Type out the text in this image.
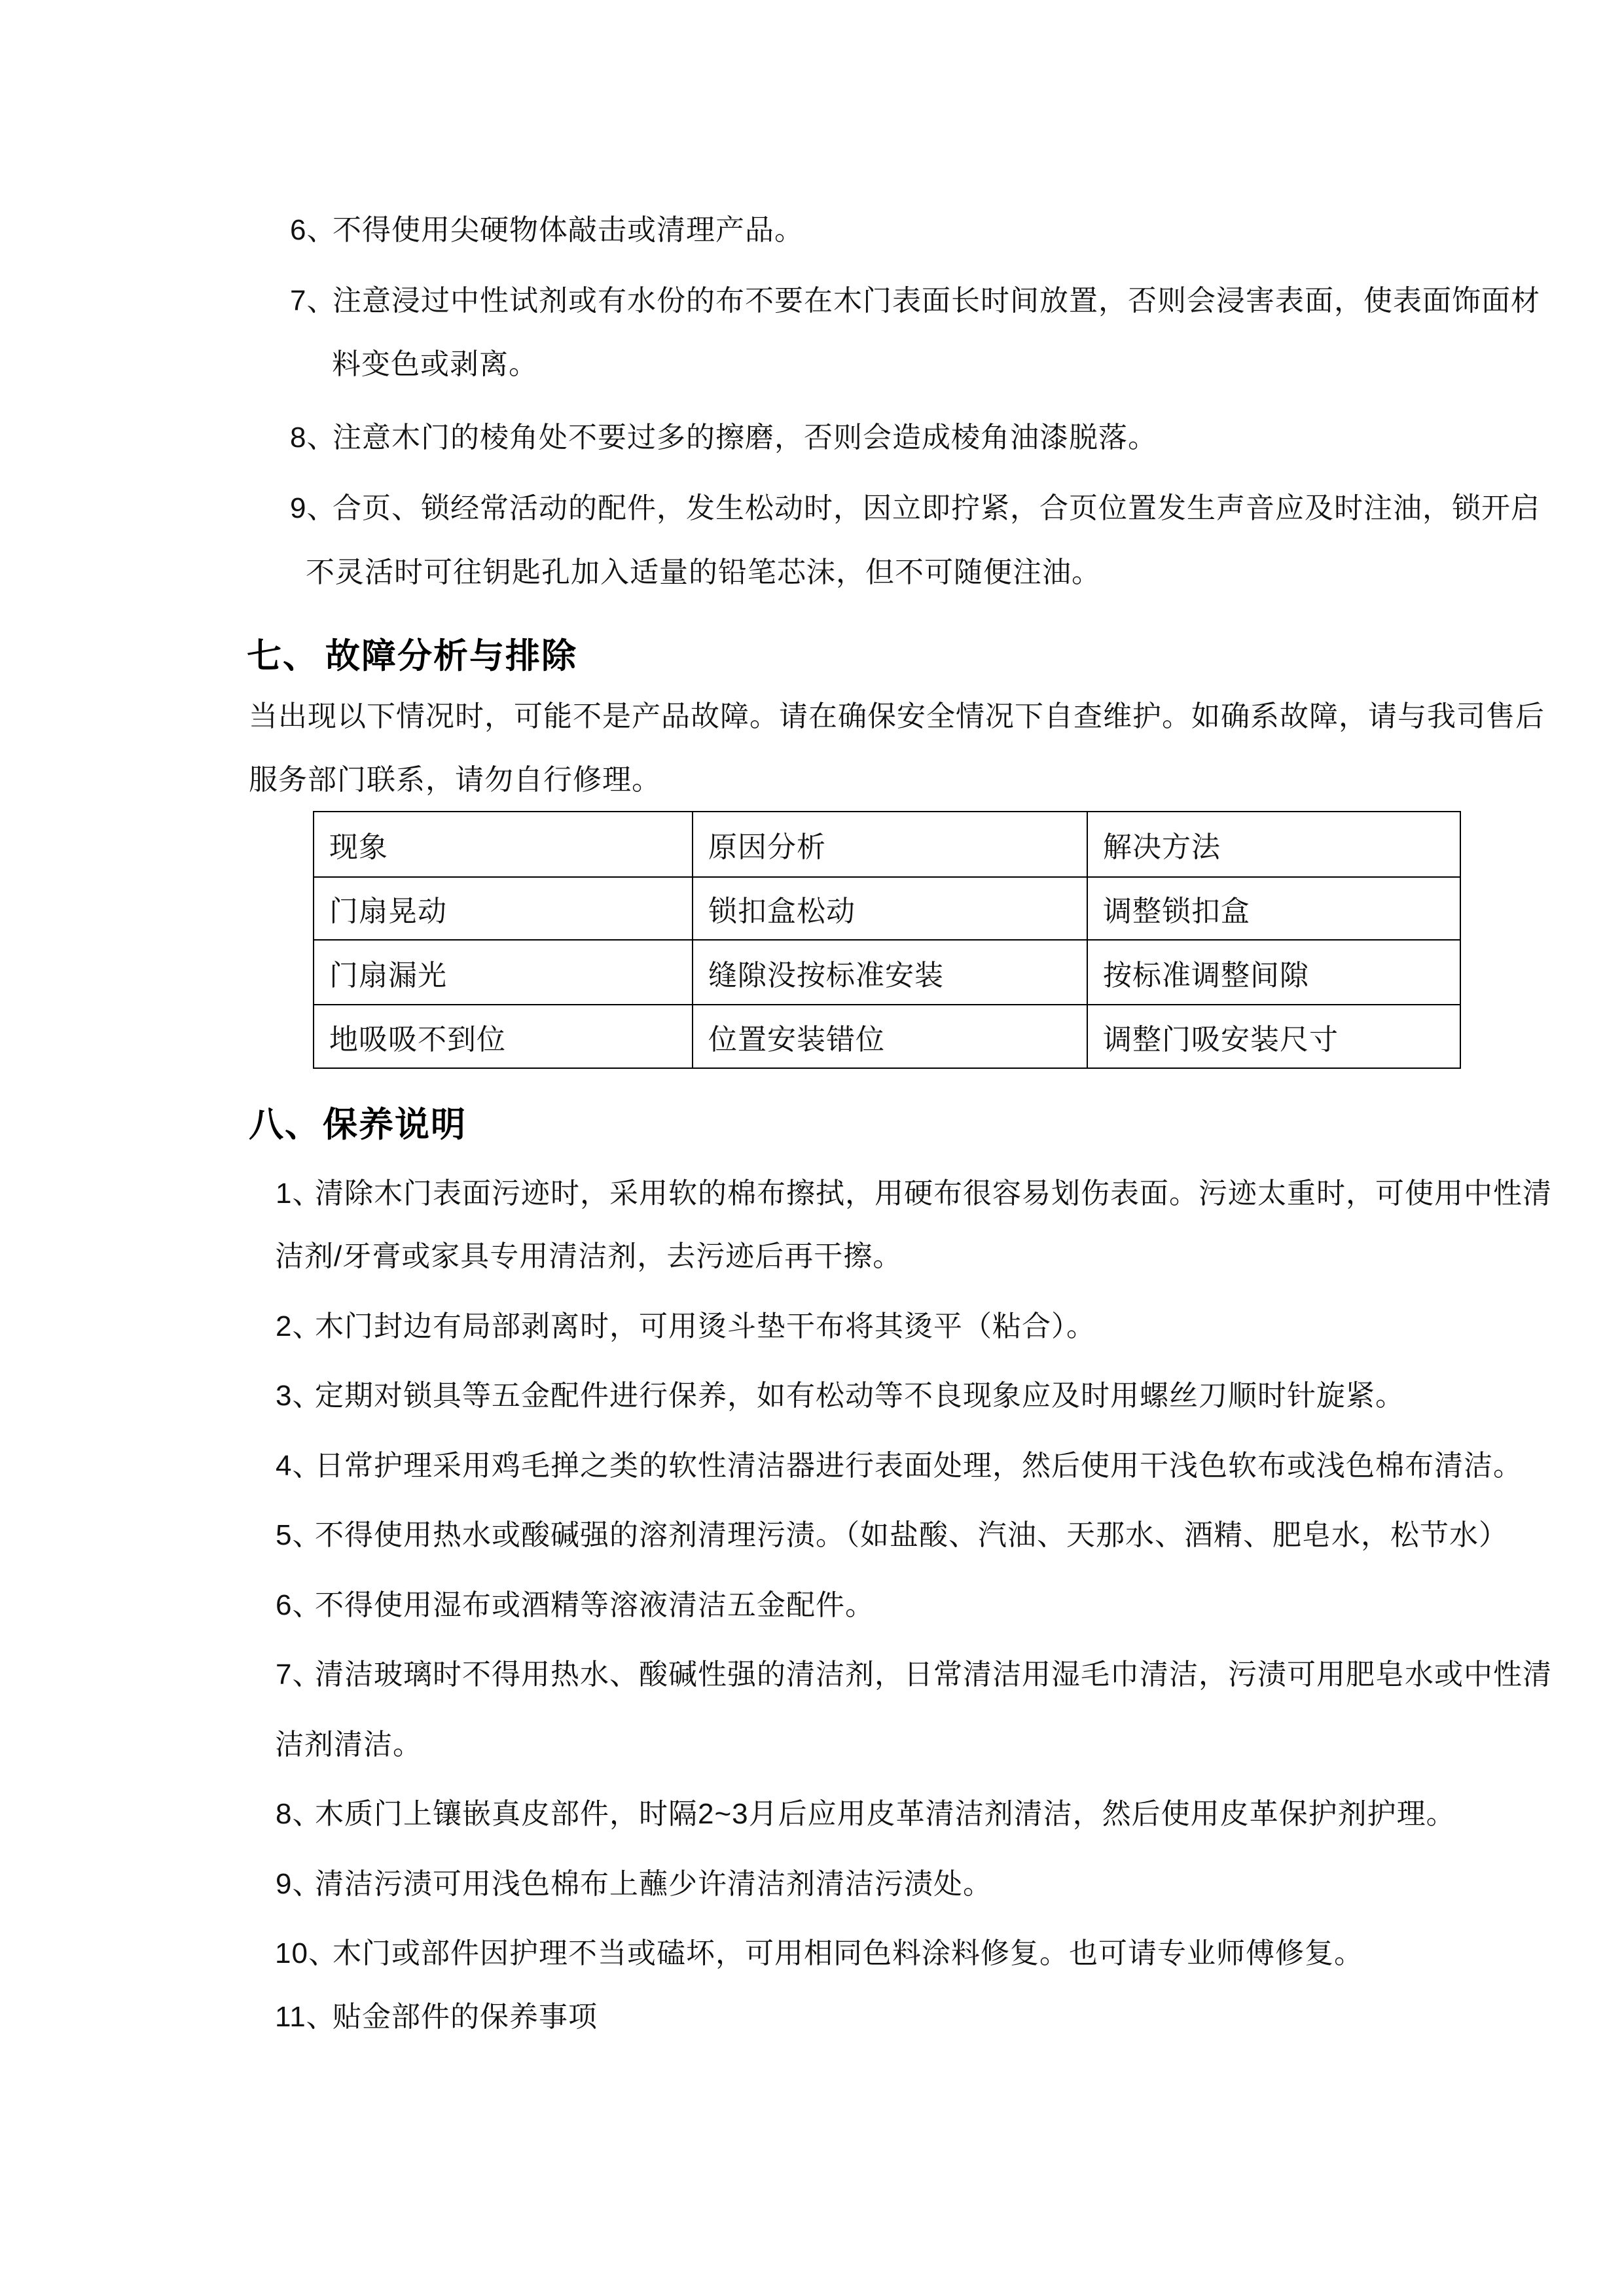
6、不得使用尖硬物体敲击或清理产品。
7、注意浸过中性试剂或有水份的布不要在木门表面长时间放置，否则会浸害表面，使表面饰面材
料变色或剥离。
8、注意木门的棱角处不要过多的擦磨，否则会造成棱角油漆脱落。
9、合页、锁经常活动的配件，发生松动时，因立即拧紧，合页位置发生声音应及时注油，锁开启
不灵活时可往钥匙孔加入适量的铅笔芯沫，但不可随便注油。
七、 故障分析与排除
当出现以下情况时，可能不是产品故障。请在确保安全情况下自查维护。如确系故障，请与我司售后
服务部门联系，请勿自行修理。
现象	原因分析	解决方法
门扇晃动	锁扣盒松动	调整锁扣盒
门扇漏光	缝隙没按标准安装	按标准调整间隙
地吸吸不到位	位置安装错位	调整门吸安装尺寸
八、保养说明
1、清除木门表面污迹时，采用软的棉布擦拭，用硬布很容易划伤表面。污迹太重时，可使用中性清
洁剂/牙膏或家具专用清洁剂，去污迹后再干擦。
2、木门封边有局部剥离时，可用烫斗垫干布将其烫平（粘合）。
3、定期对锁具等五金配件进行保养，如有松动等不良现象应及时用螺丝刀顺时针旋紧。
4、日常护理采用鸡毛掸之类的软性清洁器进行表面处理，然后使用干浅色软布或浅色棉布清洁。
5、不得使用热水或酸碱强的溶剂清理污渍。（如盐酸、汽油、天那水、酒精、肥皂水，松节水）
6、不得使用湿布或酒精等溶液清洁五金配件。
7、清洁玻璃时不得用热水、酸碱性强的清洁剂，日常清洁用湿毛巾清洁，污渍可用肥皂水或中性清
洁剂清洁。
8、木质门上镶嵌真皮部件，时隔2~3月后应用皮革清洁剂清洁，然后使用皮革保护剂护理。
9、清洁污渍可用浅色棉布上蘸少许清洁剂清洁污渍处。
10、木门或部件因护理不当或磕坏，可用相同色料涂料修复。也可请专业师傅修复。
11、贴金部件的保养事项
